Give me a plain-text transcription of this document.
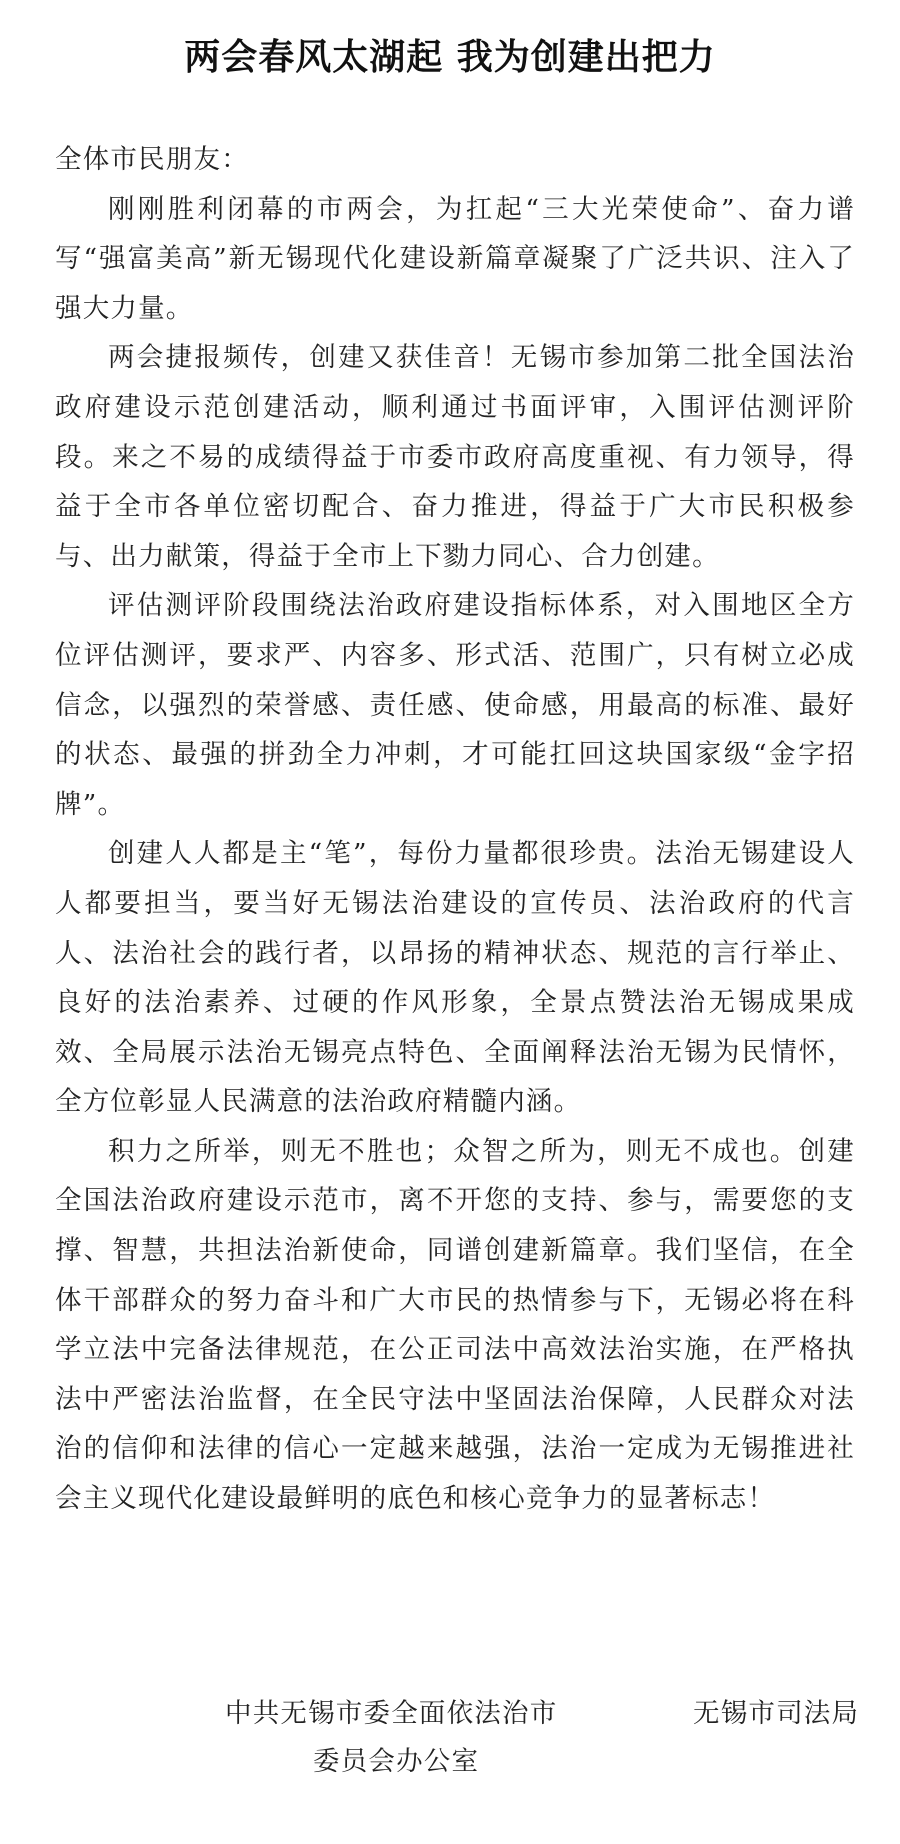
两会春风太湖起 我为创建出把力

全体市民朋友：

刚刚胜利闭幕的市两会，为扛起“三大光荣使命”、奋力谱写“强富美高”新无锡现代化建设新篇章凝聚了广泛共识、注入了强大力量。

两会捷报频传，创建又获佳音！无锡市参加第二批全国法治政府建设示范创建活动，顺利通过书面评审，入围评估测评阶段。来之不易的成绩得益于市委市政府高度重视、有力领导，得益于全市各单位密切配合、奋力推进，得益于广大市民积极参与、出力献策，得益于全市上下勠力同心、合力创建。

评估测评阶段围绕法治政府建设指标体系，对入围地区全方位评估测评，要求严、内容多、形式活、范围广，只有树立必成信念，以强烈的荣誉感、责任感、使命感，用最高的标准、最好的状态、最强的拼劲全力冲刺，才可能扛回这块国家级“金字招牌”。

创建人人都是主“笔”，每份力量都很珍贵。法治无锡建设人人都要担当，要当好无锡法治建设的宣传员、法治政府的代言人、法治社会的践行者，以昂扬的精神状态、规范的言行举止、良好的法治素养、过硬的作风形象，全景点赞法治无锡成果成效、全局展示法治无锡亮点特色、全面阐释法治无锡为民情怀，全方位彰显人民满意的法治政府精髓内涵。

积力之所举，则无不胜也；众智之所为，则无不成也。创建全国法治政府建设示范市，离不开您的支持、参与，需要您的支撑、智慧，共担法治新使命，同谱创建新篇章。我们坚信，在全体干部群众的努力奋斗和广大市民的热情参与下，无锡必将在科学立法中完备法律规范，在公正司法中高效法治实施，在严格执法中严密法治监督，在全民守法中坚固法治保障，人民群众对法治的信仰和法律的信心一定越来越强，法治一定成为无锡推进社会主义现代化建设最鲜明的底色和核心竞争力的显著标志！

中共无锡市委全面依法治市
委员会办公室
无锡市司法局
